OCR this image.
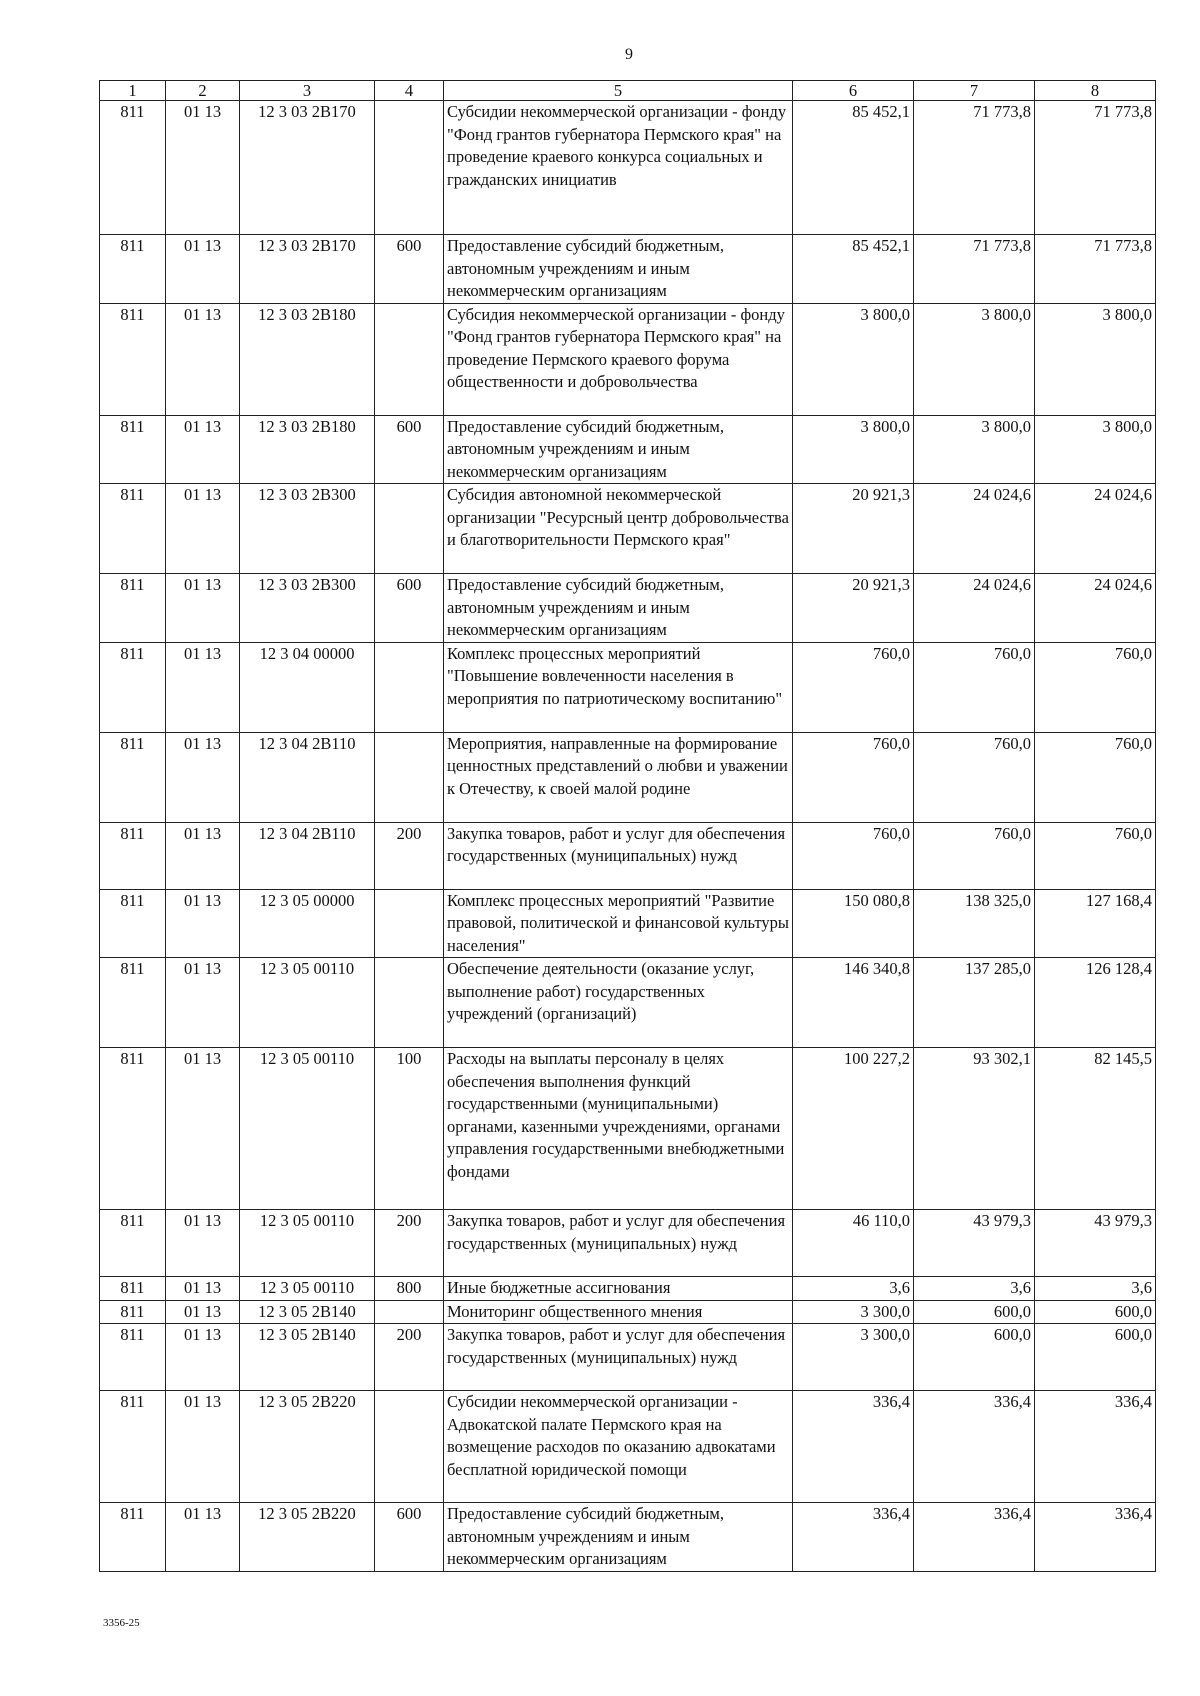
9
1	2	3	4	5	6	7	8
811	01 13	12 3 03 2В170		Субсидии некоммерческой организации - фонду "Фонд грантов губернатора Пермского края" на проведение краевого конкурса социальных и гражданских инициатив	85 452,1	71 773,8	71 773,8
811	01 13	12 3 03 2В170	600	Предоставление субсидий бюджетным, автономным учреждениям и иным некоммерческим организациям	85 452,1	71 773,8	71 773,8
811	01 13	12 3 03 2В180		Субсидия некоммерческой организации - фонду "Фонд грантов губернатора Пермского края" на проведение Пермского краевого форума общественности и добровольчества	3 800,0	3 800,0	3 800,0
811	01 13	12 3 03 2В180	600	Предоставление субсидий бюджетным, автономным учреждениям и иным некоммерческим организациям	3 800,0	3 800,0	3 800,0
811	01 13	12 3 03 2В300		Субсидия автономной некоммерческой организации "Ресурсный центр добровольчества и благотворительности Пермского края"	20 921,3	24 024,6	24 024,6
811	01 13	12 3 03 2В300	600	Предоставление субсидий бюджетным, автономным учреждениям и иным некоммерческим организациям	20 921,3	24 024,6	24 024,6
811	01 13	12 3 04 00000		Комплекс процессных мероприятий "Повышение вовлеченности населения в мероприятия по патриотическому воспитанию"	760,0	760,0	760,0
811	01 13	12 3 04 2В110		Мероприятия, направленные на формирование ценностных представлений о любви и уважении к Отечеству, к своей малой родине	760,0	760,0	760,0
811	01 13	12 3 04 2В110	200	Закупка товаров, работ и услуг для обеспечения государственных (муниципальных) нужд	760,0	760,0	760,0
811	01 13	12 3 05 00000		Комплекс процессных мероприятий "Развитие правовой, политической и финансовой культуры населения"	150 080,8	138 325,0	127 168,4
811	01 13	12 3 05 00110		Обеспечение деятельности (оказание услуг, выполнение работ) государственных учреждений (организаций)	146 340,8	137 285,0	126 128,4
811	01 13	12 3 05 00110	100	Расходы на выплаты персоналу в целях обеспечения выполнения функций государственными (муниципальными) органами, казенными учреждениями, органами управления государственными внебюджетными фондами	100 227,2	93 302,1	82 145,5
811	01 13	12 3 05 00110	200	Закупка товаров, работ и услуг для обеспечения государственных (муниципальных) нужд	46 110,0	43 979,3	43 979,3
811	01 13	12 3 05 00110	800	Иные бюджетные ассигнования	3,6	3,6	3,6
811	01 13	12 3 05 2В140		Мониторинг общественного мнения	3 300,0	600,0	600,0
811	01 13	12 3 05 2В140	200	Закупка товаров, работ и услуг для обеспечения государственных (муниципальных) нужд	3 300,0	600,0	600,0
811	01 13	12 3 05 2В220		Субсидии некоммерческой организации - Адвокатской палате Пермского края на возмещение расходов по оказанию адвокатами бесплатной юридической помощи	336,4	336,4	336,4
811	01 13	12 3 05 2В220	600	Предоставление субсидий бюджетным, автономным учреждениям и иным некоммерческим организациям	336,4	336,4	336,4
3356-25
